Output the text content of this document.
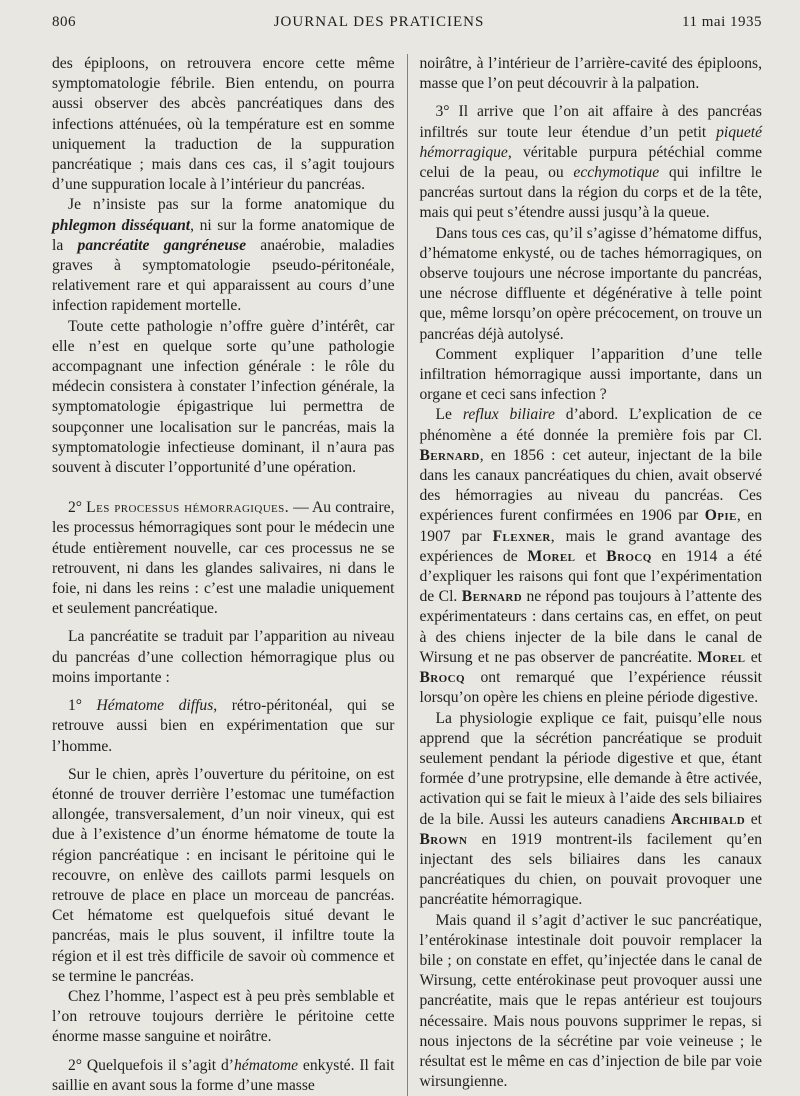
806	JOURNAL DES PRATICIENS	11 mai 1935

des épiploons, on retrouvera encore cette même symptomatologie fébrile. Bien entendu, on pourra aussi observer des abcès pancréatiques dans des infections atténuées, où la température est en somme uniquement la traduction de la suppuration pancréatique ; mais dans ces cas, il s’agit toujours d’une suppuration locale à l’intérieur du pancréas.

Je n’insiste pas sur la forme anatomique du phlegmon disséquant, ni sur la forme anatomique de la pancréatite gangréneuse anaérobie, maladies graves à symptomatologie pseudo-péritonéale, relativement rare et qui apparaissent au cours d’une infection rapidement mortelle.

Toute cette pathologie n’offre guère d’intérêt, car elle n’est en quelque sorte qu’une pathologie accompagnant une infection générale : le rôle du médecin consistera à constater l’infection générale, la symptomatologie épigastrique lui permettra de soupçonner une localisation sur le pancréas, mais la symptomatologie infectieuse dominant, il n’aura pas souvent à discuter l’opportunité d’une opération.

2° Les processus hémorragiques. — Au contraire, les processus hémorragiques sont pour le médecin une étude entièrement nouvelle, car ces processus ne se retrouvent, ni dans les glandes salivaires, ni dans le foie, ni dans les reins : c’est une maladie uniquement et seulement pancréatique.

La pancréatite se traduit par l’apparition au niveau du pancréas d’une collection hémorragique plus ou moins importante :

1° Hématome diffus, rétro-péritonéal, qui se retrouve aussi bien en expérimentation que sur l’homme.

Sur le chien, après l’ouverture du péritoine, on est étonné de trouver derrière l’estomac une tuméfaction allongée, transversalement, d’un noir vineux, qui est due à l’existence d’un énorme hématome de toute la région pancréatique : en incisant le péritoine qui le recouvre, on enlève des caillots parmi lesquels on retrouve de place en place un morceau de pancréas. Cet hématome est quelquefois situé devant le pancréas, mais le plus souvent, il infiltre toute la région et il est très difficile de savoir où commence et se termine le pancréas.

Chez l’homme, l’aspect est à peu près semblable et l’on retrouve toujours derrière le péritoine cette énorme masse sanguine et noirâtre.

2° Quelquefois il s’agit d’hématome enkysté. Il fait saillie en avant sous la forme d’une masse

noirâtre, à l’intérieur de l’arrière-cavité des épiploons, masse que l’on peut découvrir à la palpation.

3° Il arrive que l’on ait affaire à des pancréas infiltrés sur toute leur étendue d’un petit piqueté hémorragique, véritable purpura pétéchial comme celui de la peau, ou ecchymotique qui infiltre le pancréas surtout dans la région du corps et de la tête, mais qui peut s’étendre aussi jusqu’à la queue.

Dans tous ces cas, qu’il s’agisse d’hématome diffus, d’hématome enkysté, ou de taches hémorragiques, on observe toujours une nécrose importante du pancréas, une nécrose diffluente et dégénérative à telle point que, même lorsqu’on opère précocement, on trouve un pancréas déjà autolysé.

Comment expliquer l’apparition d’une telle infiltration hémorragique aussi importante, dans un organe et ceci sans infection ?

Le reflux biliaire d’abord. L’explication de ce phénomène a été donnée la première fois par Cl. Bernard, en 1856 : cet auteur, injectant de la bile dans les canaux pancréatiques du chien, avait observé des hémorragies au niveau du pancréas. Ces expériences furent confirmées en 1906 par Opie, en 1907 par Flexner, mais le grand avantage des expériences de Morel et Brocq en 1914 a été d’expliquer les raisons qui font que l’expérimentation de Cl. Bernard ne répond pas toujours à l’attente des expérimentateurs : dans certains cas, en effet, on peut à des chiens injecter de la bile dans le canal de Wirsung et ne pas observer de pancréatite. Morel et Brocq ont remarqué que l’expérience réussit lorsqu’on opère les chiens en pleine période digestive.

La physiologie explique ce fait, puisqu’elle nous apprend que la sécrétion pancréatique se produit seulement pendant la période digestive et que, étant formée d’une protrypsine, elle demande à être activée, activation qui se fait le mieux à l’aide des sels biliaires de la bile. Aussi les auteurs canadiens Archibald et Brown en 1919 montrent-ils facilement qu’en injectant des sels biliaires dans les canaux pancréatiques du chien, on pouvait provoquer une pancréatite hémorragique.

Mais quand il s’agit d’activer le suc pancréatique, l’entérokinase intestinale doit pouvoir remplacer la bile ; on constate en effet, qu’injectée dans le canal de Wirsung, cette entérokinase peut provoquer aussi une pancréatite, mais que le repas antérieur est toujours nécessaire. Mais nous pouvons supprimer le repas, si nous injectons de la sécrétine par voie veineuse ; le résultat est le même en cas d’injection de bile par voie wirsungienne.
